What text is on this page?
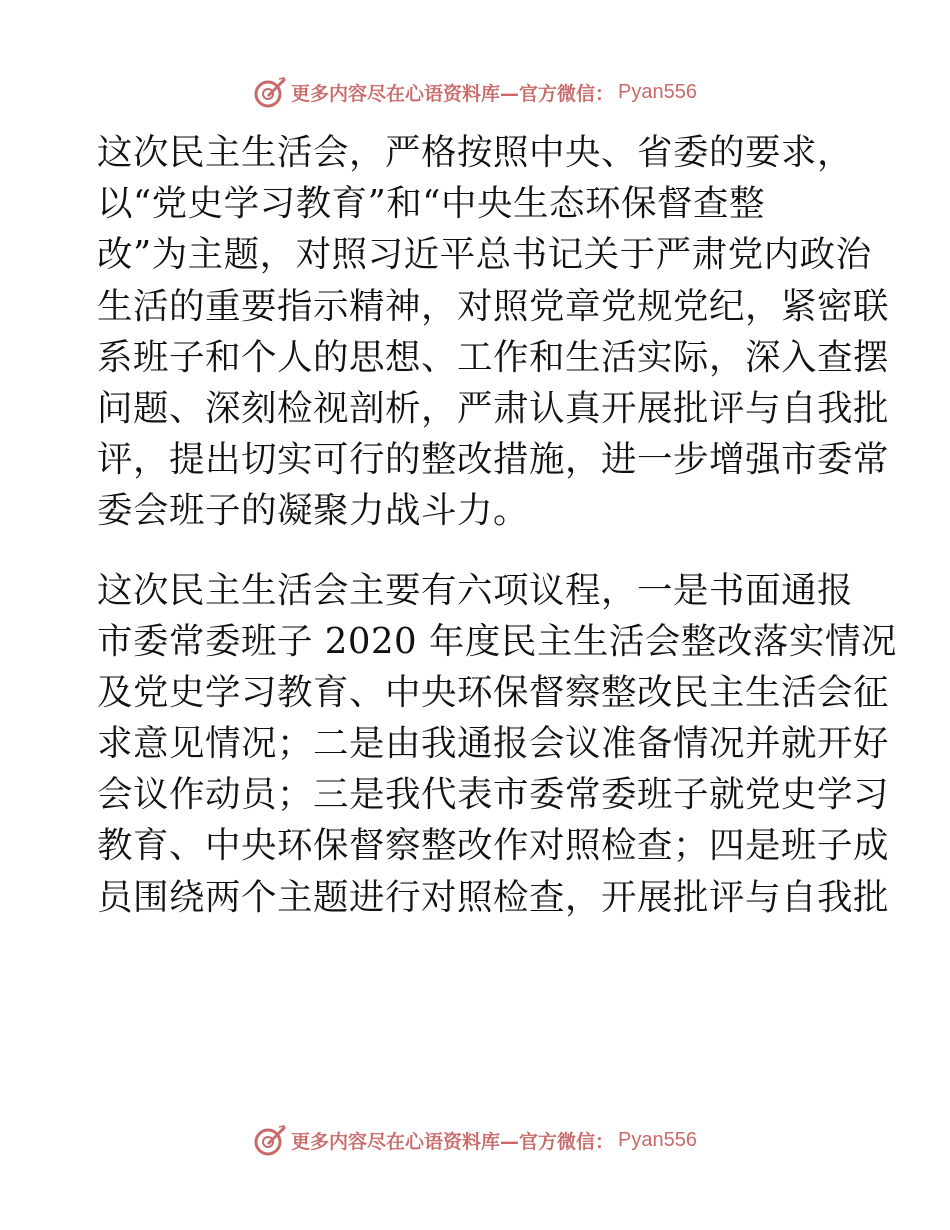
更多内容尽在心语资料库—官方微信： Pyan556
这次民主生活会，严格按照中央、省委的要求，
以“党史学习教育”和“中央生态环保督查整
改”为主题，对照习近平总书记关于严肃党内政治
生活的重要指示精神，对照党章党规党纪，紧密联
系班子和个人的思想、工作和生活实际，深入查摆
问题、深刻检视剖析，严肃认真开展批评与自我批
评，提出切实可行的整改措施，进一步增强市委常
委会班子的凝聚力战斗力。
这次民主生活会主要有六项议程，一是书面通报
市委常委班子 2020 年度民主生活会整改落实情况
及党史学习教育、中央环保督察整改民主生活会征
求意见情况；二是由我通报会议准备情况并就开好
会议作动员；三是我代表市委常委班子就党史学习
教育、中央环保督察整改作对照检查；四是班子成
员围绕两个主题进行对照检查，开展批评与自我批
更多内容尽在心语资料库—官方微信： Pyan556
